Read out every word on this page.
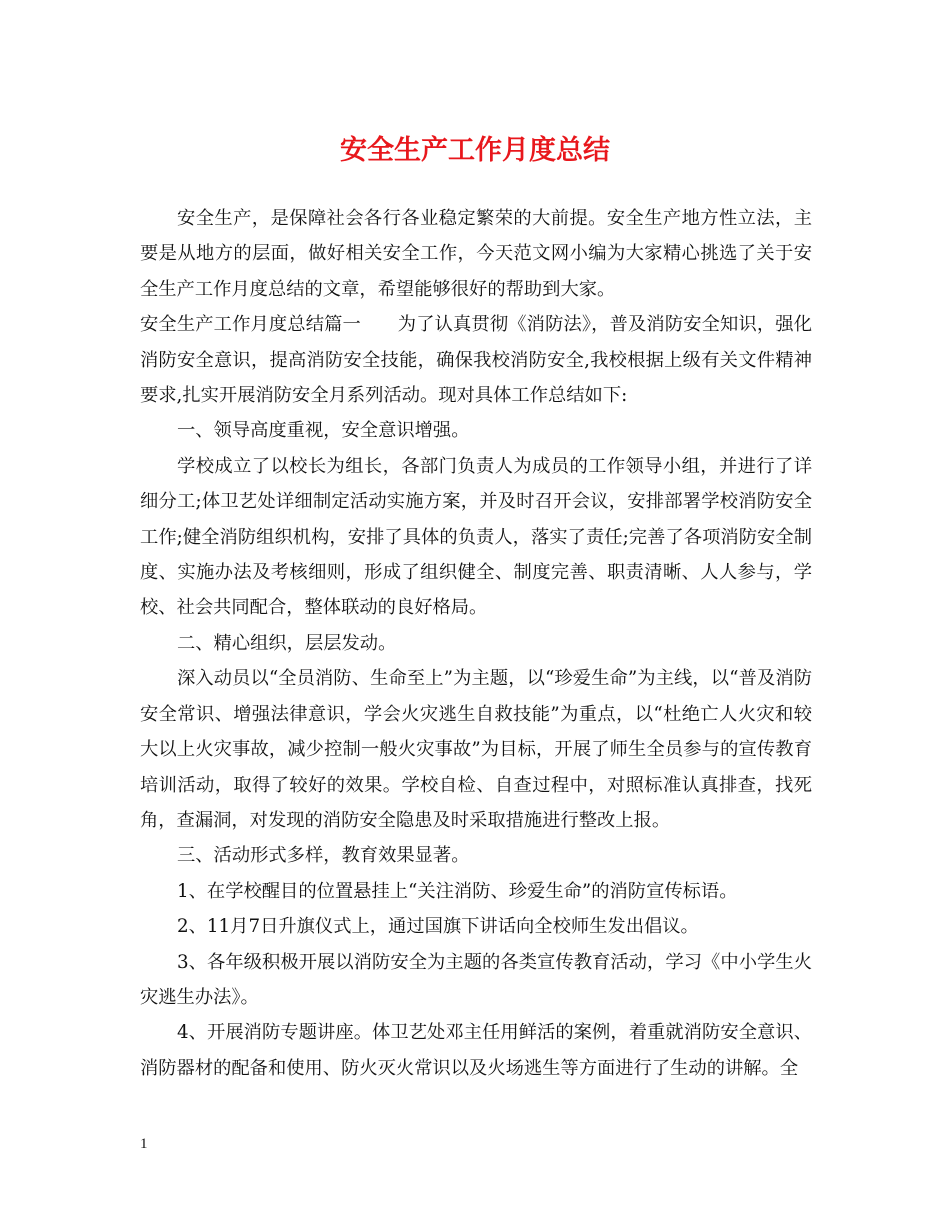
安全生产工作月度总结

安全生产，是保障社会各行各业稳定繁荣的大前提。安全生产地方性立法，主要是从地方的层面，做好相关安全工作，今天范文网小编为大家精心挑选了关于安全生产工作月度总结的文章，希望能够很好的帮助到大家。

安全生产工作月度总结篇一　　为了认真贯彻《消防法》，普及消防安全知识，强化消防安全意识，提高消防安全技能，确保我校消防安全,我校根据上级有关文件精神要求,扎实开展消防安全月系列活动。现对具体工作总结如下:

一、领导高度重视，安全意识增强。

学校成立了以校长为组长，各部门负责人为成员的工作领导小组，并进行了详细分工;体卫艺处详细制定活动实施方案，并及时召开会议，安排部署学校消防安全工作;健全消防组织机构，安排了具体的负责人，落实了责任;完善了各项消防安全制度、实施办法及考核细则，形成了组织健全、制度完善、职责清晰、人人参与，学校、社会共同配合，整体联动的良好格局。

二、精心组织，层层发动。

深入动员以“全员消防、生命至上”为主题，以“珍爱生命”为主线，以“普及消防安全常识、增强法律意识，学会火灾逃生自救技能”为重点，以“杜绝亡人火灾和较大以上火灾事故，减少控制一般火灾事故”为目标，开展了师生全员参与的宣传教育培训活动，取得了较好的效果。学校自检、自查过程中，对照标准认真排查，找死角，查漏洞，对发现的消防安全隐患及时采取措施进行整改上报。

三、活动形式多样，教育效果显著。

1、在学校醒目的位置悬挂上“关注消防、珍爱生命”的消防宣传标语。

2、11月7日升旗仪式上，通过国旗下讲话向全校师生发出倡议。

3、各年级积极开展以消防安全为主题的各类宣传教育活动，学习《中小学生火灾逃生办法》。

4、开展消防专题讲座。体卫艺处邓主任用鲜活的案例，着重就消防安全意识、消防器材的配备和使用、防火灭火常识以及火场逃生等方面进行了生动的讲解。全

1
